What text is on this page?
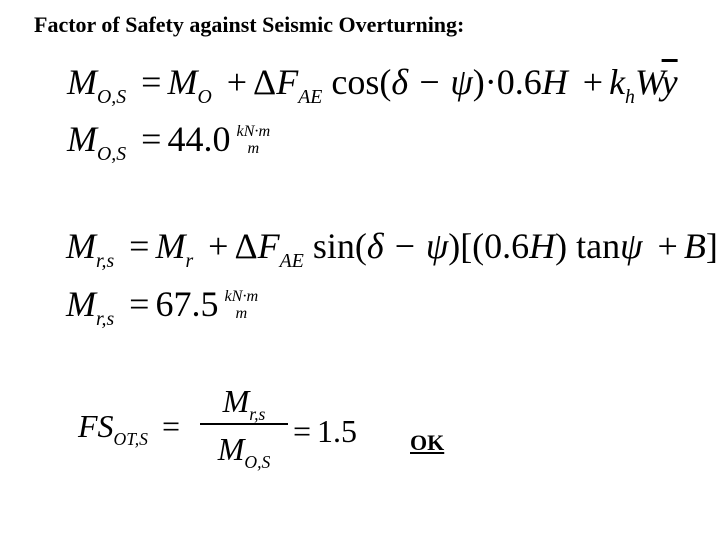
Factor of Safety against Seismic Overturning:
$M_{O,S} = M_O + \Delta F_{AE}$ $\cos(\delta - \psi)\cdot 0.6H + k_hW\overline{y}$
$M_{O,S} = 44.0$ kN·m
m
$M_{r,s} = M_r + \Delta F_{AE}$ sin(δ − ψ)[(0.6H) tanψ + B]
$M_{r,s} = 67.5$ kN·m
m
$FS_{OT,S}$ =
$M_{r,s}$
$M_{O,S}$
= 1.5 OK
